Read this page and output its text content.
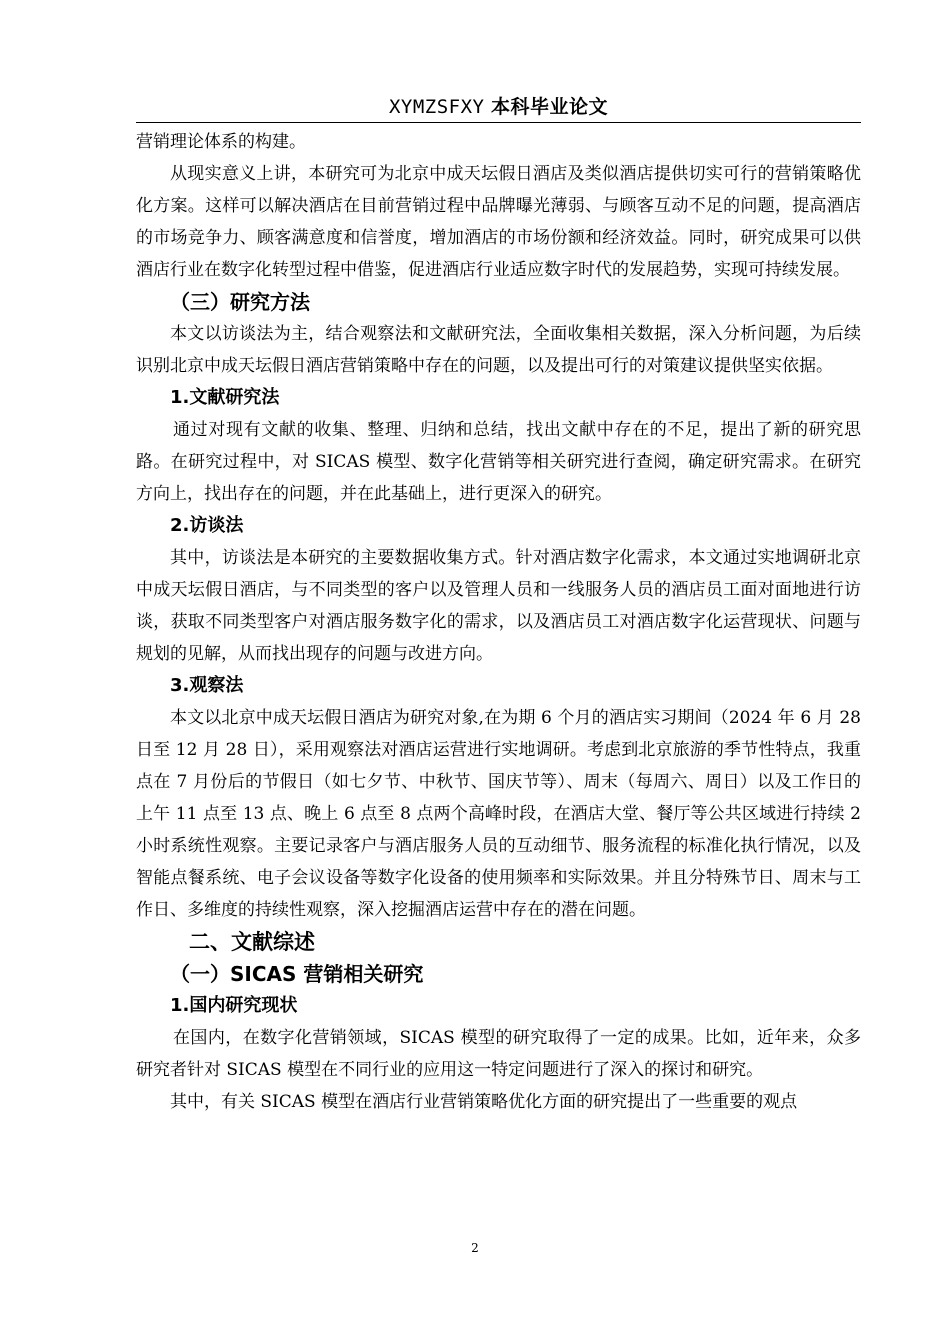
XYMZSFXY 本科毕业论文

营销理论体系的构建。

从现实意义上讲，本研究可为北京中成天坛假日酒店及类似酒店提供切实可行的营销策略优化方案。这样可以解决酒店在目前营销过程中品牌曝光薄弱、与顾客互动不足的问题，提高酒店的市场竞争力、顾客满意度和信誉度，增加酒店的市场份额和经济效益。同时，研究成果可以供酒店行业在数字化转型过程中借鉴，促进酒店行业适应数字时代的发展趋势，实现可持续发展。

（三）研究方法

本文以访谈法为主，结合观察法和文献研究法，全面收集相关数据，深入分析问题，为后续识别北京中成天坛假日酒店营销策略中存在的问题，以及提出可行的对策建议提供坚实依据。

1.文献研究法

通过对现有文献的收集、整理、归纳和总结，找出文献中存在的不足，提出了新的研究思路。在研究过程中，对 SICAS 模型、数字化营销等相关研究进行查阅，确定研究需求。在研究方向上，找出存在的问题，并在此基础上，进行更深入的研究。

2.访谈法

其中，访谈法是本研究的主要数据收集方式。针对酒店数字化需求，本文通过实地调研北京中成天坛假日酒店，与不同类型的客户以及管理人员和一线服务人员的酒店员工面对面地进行访谈，获取不同类型客户对酒店服务数字化的需求，以及酒店员工对酒店数字化运营现状、问题与规划的见解，从而找出现存的问题与改进方向。

3.观察法

本文以北京中成天坛假日酒店为研究对象,在为期 6 个月的酒店实习期间（2024 年 6 月 28 日至 12 月 28 日），采用观察法对酒店运营进行实地调研。考虑到北京旅游的季节性特点，我重点在 7 月份后的节假日（如七夕节、中秋节、国庆节等）、周末（每周六、周日）以及工作日的上午 11 点至 13 点、晚上 6 点至 8 点两个高峰时段，在酒店大堂、餐厅等公共区域进行持续 2 小时系统性观察。主要记录客户与酒店服务人员的互动细节、服务流程的标准化执行情况，以及智能点餐系统、电子会议设备等数字化设备的使用频率和实际效果。并且分特殊节日、周末与工作日、多维度的持续性观察，深入挖掘酒店运营中存在的潜在问题。

二、文献综述
（一）SICAS 营销相关研究
1.国内研究现状

在国内，在数字化营销领域，SICAS 模型的研究取得了一定的成果。比如，近年来，众多研究者针对 SICAS 模型在不同行业的应用这一特定问题进行了深入的探讨和研究。

其中，有关 SICAS 模型在酒店行业营销策略优化方面的研究提出了一些重要的观点

2
